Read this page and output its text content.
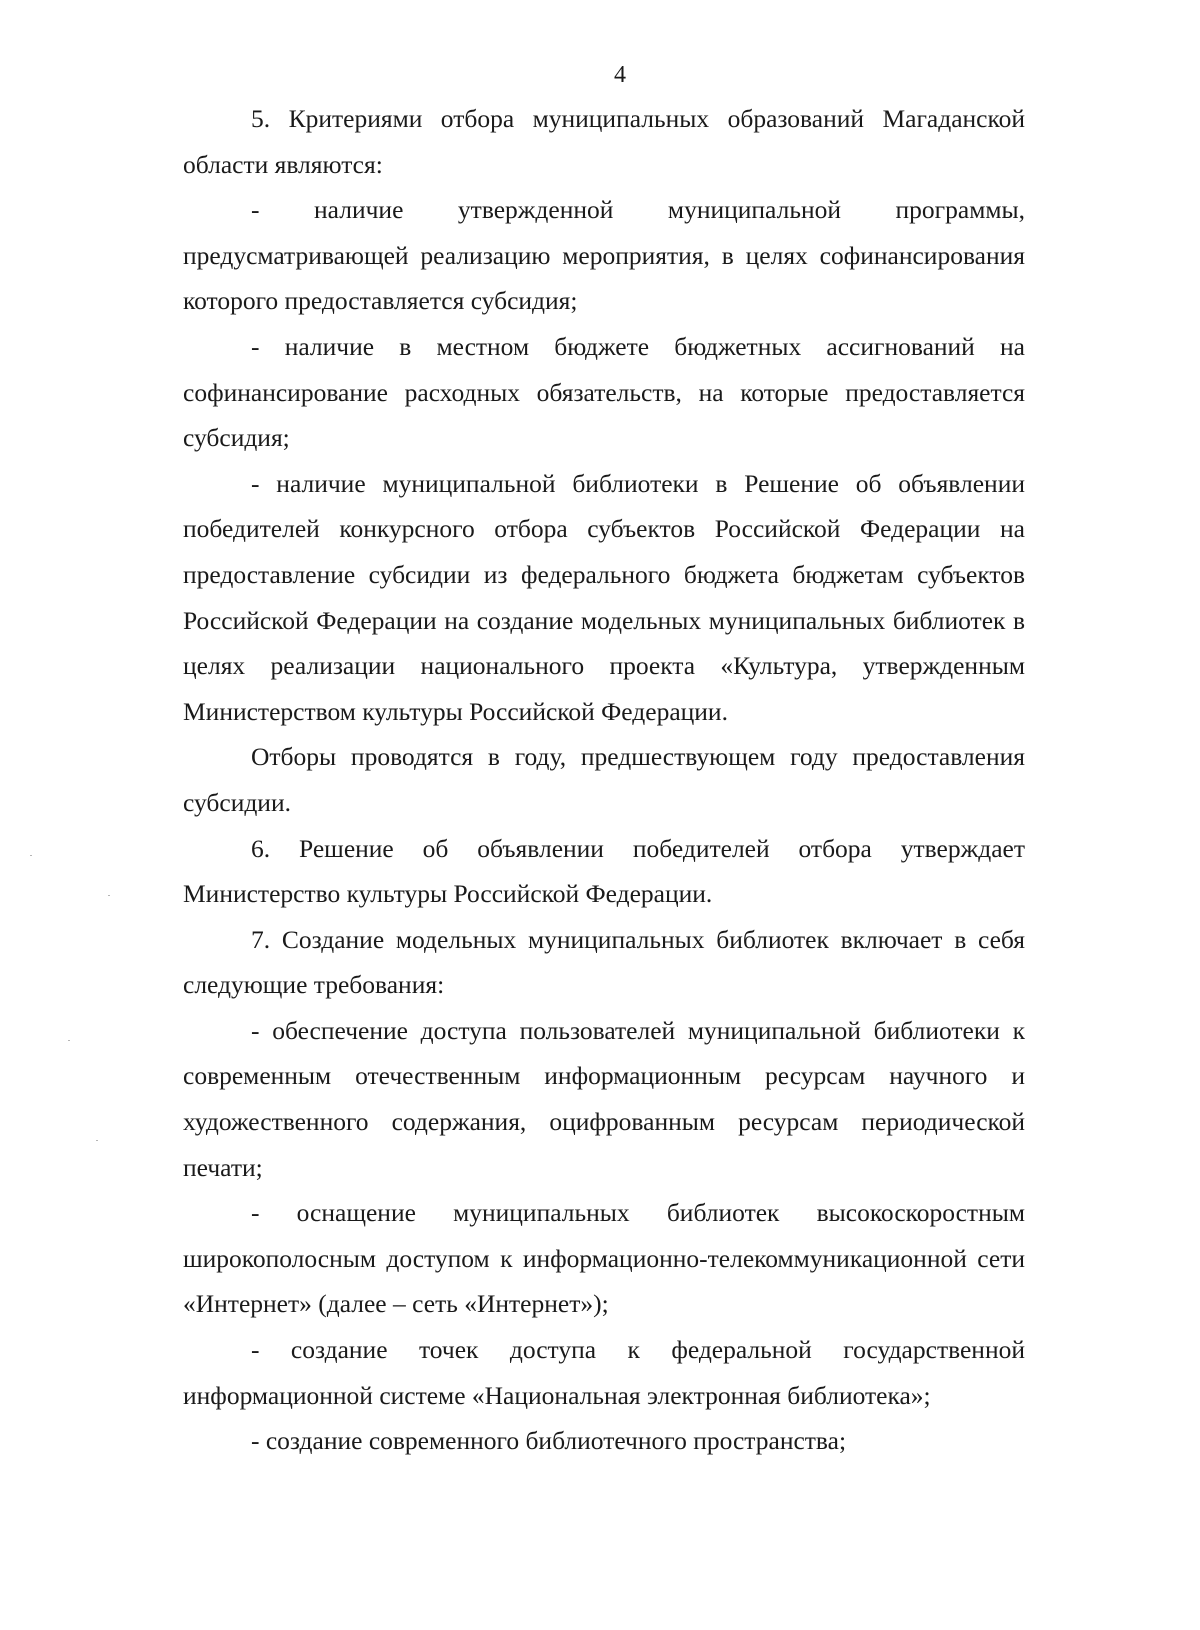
4

5. Критериями отбора муниципальных образований Магаданской области являются:

- наличие утвержденной муниципальной программы, предусматривающей реализацию мероприятия, в целях софинансирования которого предоставляется субсидия;

- наличие в местном бюджете бюджетных ассигнований на софинансирование расходных обязательств, на которые предоставляется субсидия;

- наличие муниципальной библиотеки в Решение об объявлении победителей конкурсного отбора субъектов Российской Федерации на предоставление субсидии из федерального бюджета бюджетам субъектов Российской Федерации на создание модельных муниципальных библиотек в целях реализации национального проекта «Культура, утвержденным Министерством культуры Российской Федерации.

Отборы проводятся в году, предшествующем году предоставления субсидии.

6. Решение об объявлении победителей отбора утверждает Министерство культуры Российской Федерации.

7. Создание модельных муниципальных библиотек включает в себя следующие требования:

- обеспечение доступа пользователей муниципальной библиотеки к современным отечественным информационным ресурсам научного и художественного содержания, оцифрованным ресурсам периодической печати;

- оснащение муниципальных библиотек высокоскоростным широкополосным доступом к информационно-телекоммуникационной сети «Интернет» (далее – сеть «Интернет»);

- создание точек доступа к федеральной государственной информационной системе «Национальная электронная библиотека»;

- создание современного библиотечного пространства;
